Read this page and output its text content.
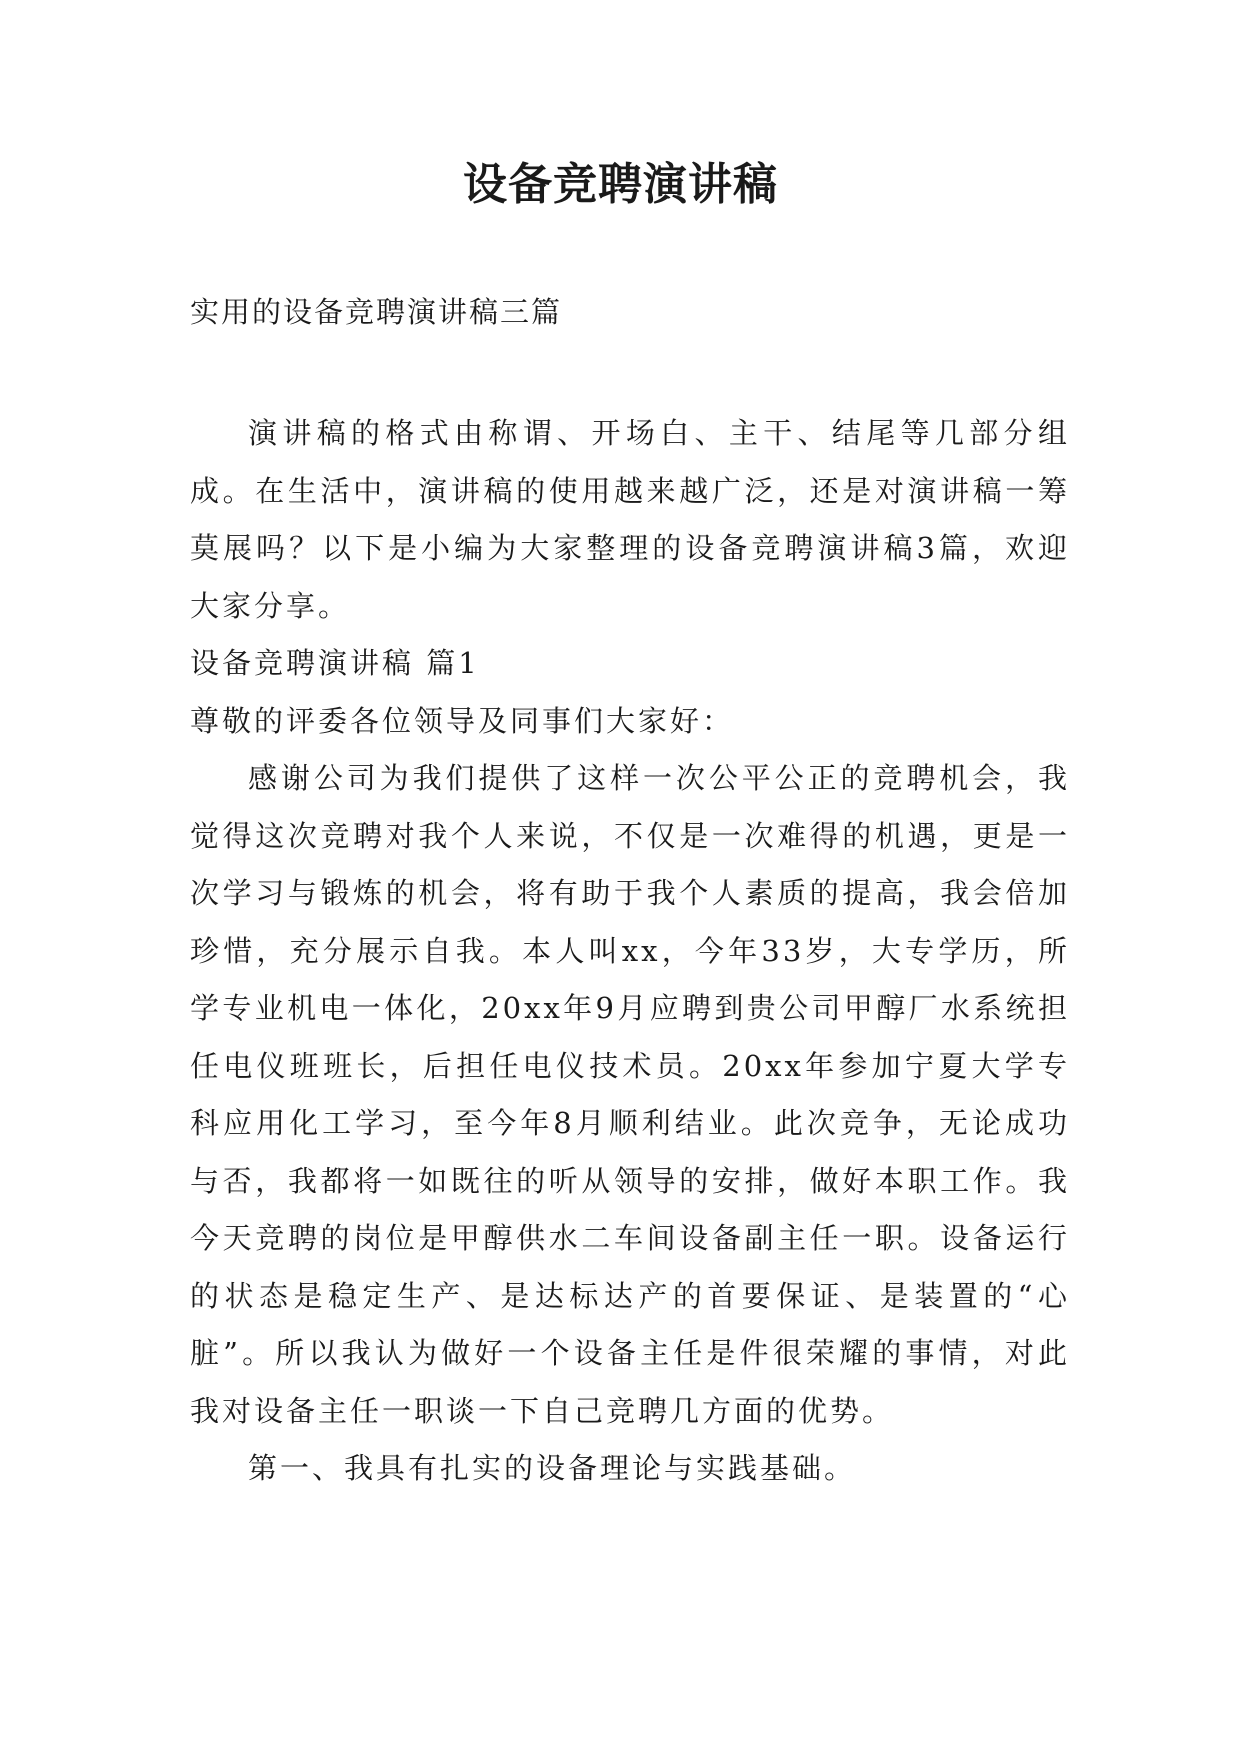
设备竞聘演讲稿
实用的设备竞聘演讲稿三篇

演讲稿的格式由称谓、开场白、主干、结尾等几部分组成。在生活中，演讲稿的使用越来越广泛，还是对演讲稿一筹莫展吗？以下是小编为大家整理的设备竞聘演讲稿3篇，欢迎大家分享。

设备竞聘演讲稿 篇1

尊敬的评委各位领导及同事们大家好：

感谢公司为我们提供了这样一次公平公正的竞聘机会，我觉得这次竞聘对我个人来说，不仅是一次难得的机遇，更是一次学习与锻炼的机会，将有助于我个人素质的提高，我会倍加珍惜，充分展示自我。本人叫xx，今年33岁，大专学历，所学专业机电一体化，20xx年9月应聘到贵公司甲醇厂水系统担任电仪班班长，后担任电仪技术员。20xx年参加宁夏大学专科应用化工学习，至今年8月顺利结业。此次竞争，无论成功与否，我都将一如既往的听从领导的安排，做好本职工作。我今天竞聘的岗位是甲醇供水二车间设备副主任一职。设备运行的状态是稳定生产、是达标达产的首要保证、是装置的“心脏”。所以我认为做好一个设备主任是件很荣耀的事情，对此我对设备主任一职谈一下自己竞聘几方面的优势。

第一、我具有扎实的设备理论与实践基础。
